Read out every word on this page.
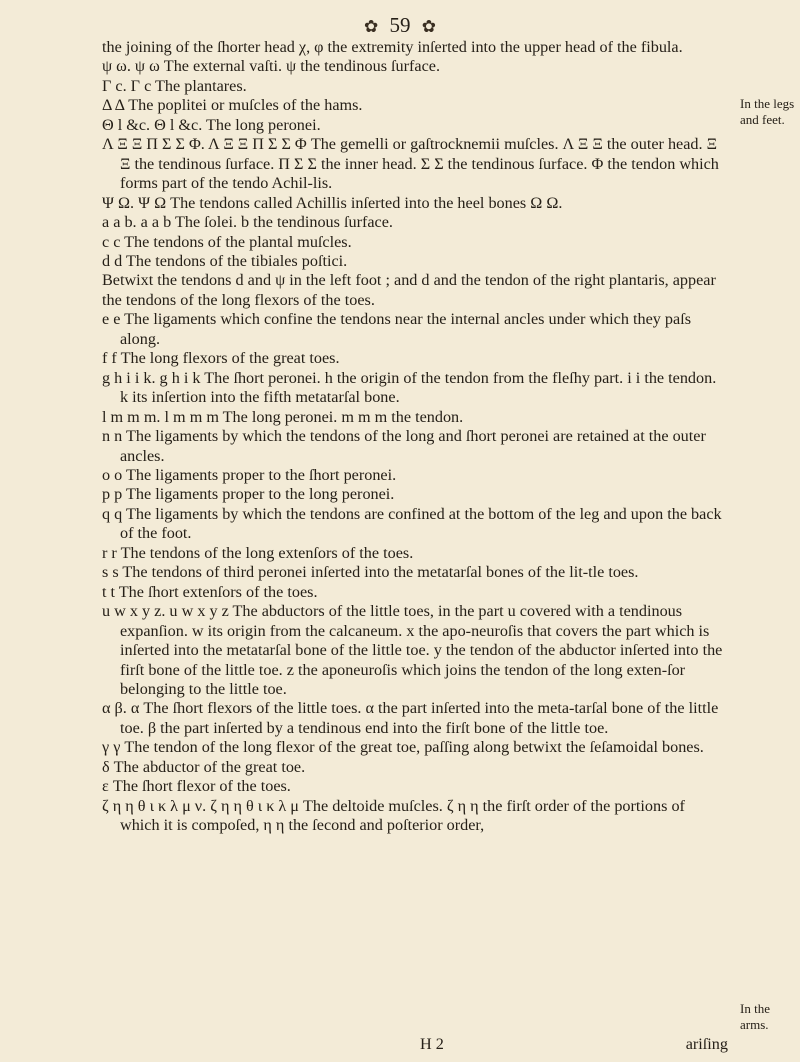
✿ 59 ✿

the joining of the ſhorter head χ, φ the extremity inſerted into the upper head of the fibula.

ψ ω. ψ ω The external vaſti. ψ the tendinous ſurface.

Γ c. Γ c The plantares.

Δ Δ The poplitei or muſcles of the hams.

Θ l &c. Θ l &c. The long peronei.

Λ Ξ Ξ Π Σ Σ Φ. Λ Ξ Ξ Π Σ Σ Φ The gemelli or gaſtrocknemii muſcles. Λ Ξ Ξ the outer head. Ξ Ξ the tendinous ſurface. Π Σ Σ the inner head. Σ Σ the tendinous ſurface. Φ the tendon which forms part of the tendo Achil-lis.

Ψ Ω. Ψ Ω The tendons called Achillis inſerted into the heel bones Ω Ω.

a a b. a a b The ſolei. b the tendinous ſurface.

c c The tendons of the plantal muſcles.

d d The tendons of the tibiales poſtici.

Betwixt the tendons d and ψ in the left foot ; and d and the tendon of the right plantaris, appear the tendons of the long flexors of the toes.

e e The ligaments which confine the tendons near the internal ancles under which they paſs along.

f f The long flexors of the great toes.

g h i i k. g h i k The ſhort peronei. h the origin of the tendon from the fleſhy part. i i the tendon. k its inſertion into the fifth metatarſal bone.

l m m m. l m m m The long peronei. m m m the tendon.

n n The ligaments by which the tendons of the long and ſhort peronei are retained at the outer ancles.

o o The ligaments proper to the ſhort peronei.

p p The ligaments proper to the long peronei.

q q The ligaments by which the tendons are confined at the bottom of the leg and upon the back of the foot.

r r The tendons of the long extenſors of the toes.

s s The tendons of third peronei inſerted into the metatarſal bones of the lit-tle toes.

t t The ſhort extenſors of the toes.

u w x y z. u w x y z The abductors of the little toes, in the part u covered with a tendinous expanſion. w its origin from the calcaneum. x the apo-neuroſis that covers the part which is inſerted into the metatarſal bone of the little toe. y the tendon of the abductor inſerted into the firſt bone of the little toe. z the aponeuroſis which joins the tendon of the long exten-ſor belonging to the little toe.

α β. α The ſhort flexors of the little toes. α the part inſerted into the meta-tarſal bone of the little toe. β the part inſerted by a tendinous end into the firſt bone of the little toe.

γ γ The tendon of the long flexor of the great toe, paſſing along betwixt the ſeſamoidal bones.

δ The abductor of the great toe.

ε The ſhort flexor of the toes.

ζ η η θ ι κ λ μ ν. ζ η η θ ι κ λ μ The deltoide muſcles. ζ η η the firſt order of the portions of which it is compoſed, η η the ſecond and poſterior order,

In the legs and feet.
In the arms.
H 2	ariſing
